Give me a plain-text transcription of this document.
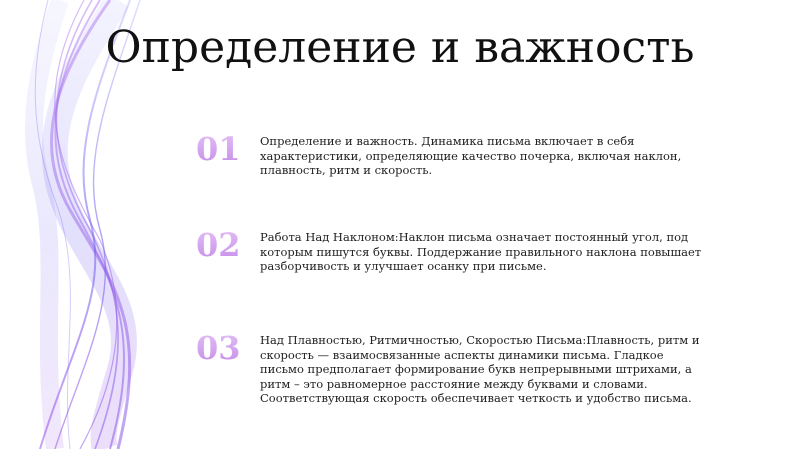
Определение и важность
01	Определение и важность. Динамика письма включает в себя характеристики, определяющие качество почерка, включая наклон, плавность, ритм и скорость.
02	Работа Над Наклоном:Наклон письма означает постоянный угол, под которым пишутся буквы. Поддержание правильного наклона повышает разборчивость и улучшает осанку при письме.
03	Над Плавностью, Ритмичностью, Скоростью Письма:Плавность, ритм и скорость — взаимосвязанные аспекты динамики письма. Гладкое письмо предполагает формирование букв непрерывными штрихами, а ритм – это равномерное расстояние между буквами и словами. Соответствующая скорость обеспечивает четкость и удобство письма.
